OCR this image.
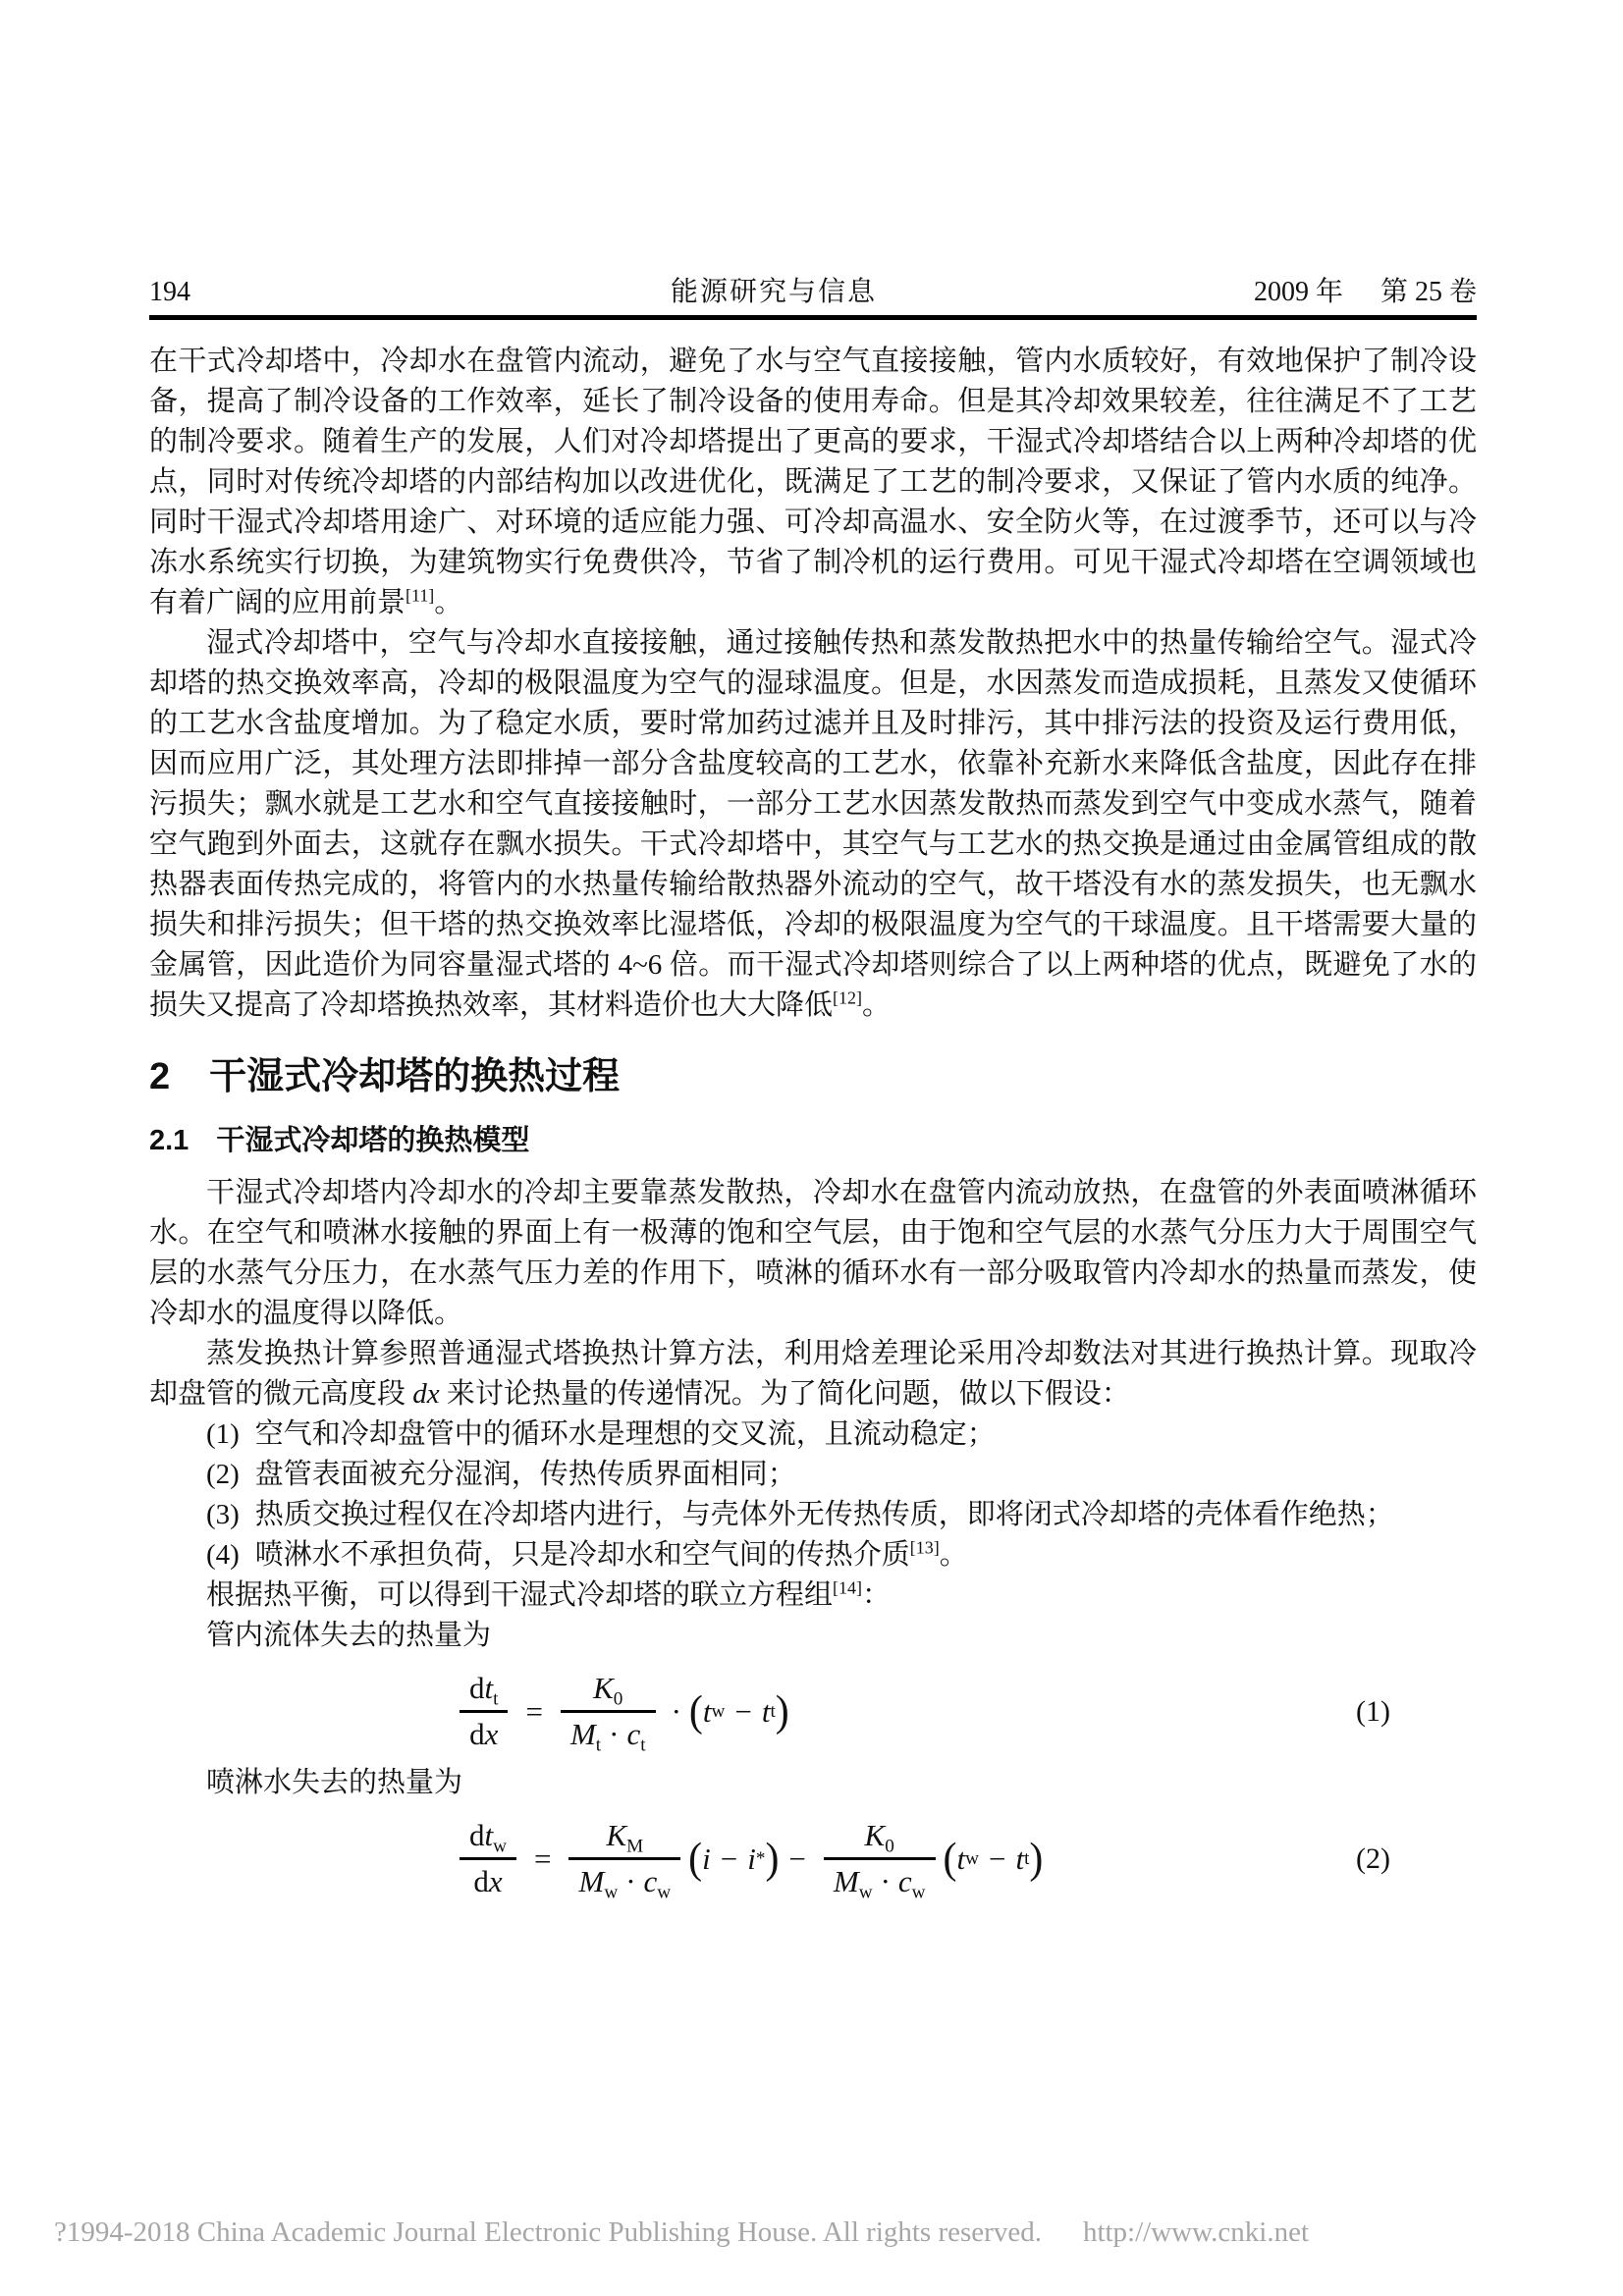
194	能源研究与信息	2009 年 第 25 卷

在干式冷却塔中，冷却水在盘管内流动，避免了水与空气直接接触，管内水质较好，有效地保护了制冷设备，提高了制冷设备的工作效率，延长了制冷设备的使用寿命。但是其冷却效果较差，往往满足不了工艺的制冷要求。随着生产的发展，人们对冷却塔提出了更高的要求，干湿式冷却塔结合以上两种冷却塔的优点，同时对传统冷却塔的内部结构加以改进优化，既满足了工艺的制冷要求，又保证了管内水质的纯净。同时干湿式冷却塔用途广、对环境的适应能力强、可冷却高温水、安全防火等，在过渡季节，还可以与冷冻水系统实行切换，为建筑物实行免费供冷，节省了制冷机的运行费用。可见干湿式冷却塔在空调领域也有着广阔的应用前景[11]。

湿式冷却塔中，空气与冷却水直接接触，通过接触传热和蒸发散热把水中的热量传输给空气。湿式冷却塔的热交换效率高，冷却的极限温度为空气的湿球温度。但是，水因蒸发而造成损耗，且蒸发又使循环的工艺水含盐度增加。为了稳定水质，要时常加药过滤并且及时排污，其中排污法的投资及运行费用低，因而应用广泛，其处理方法即排掉一部分含盐度较高的工艺水，依靠补充新水来降低含盐度，因此存在排污损失；飘水就是工艺水和空气直接接触时，一部分工艺水因蒸发散热而蒸发到空气中变成水蒸气，随着空气跑到外面去，这就存在飘水损失。干式冷却塔中，其空气与工艺水的热交换是通过由金属管组成的散热器表面传热完成的，将管内的水热量传输给散热器外流动的空气，故干塔没有水的蒸发损失，也无飘水损失和排污损失；但干塔的热交换效率比湿塔低，冷却的极限温度为空气的干球温度。且干塔需要大量的金属管，因此造价为同容量湿式塔的 4~6 倍。而干湿式冷却塔则综合了以上两种塔的优点，既避免了水的损失又提高了冷却塔换热效率，其材料造价也大大降低[12]。

2 干湿式冷却塔的换热过程
2.1 干湿式冷却塔的换热模型

干湿式冷却塔内冷却水的冷却主要靠蒸发散热，冷却水在盘管内流动放热，在盘管的外表面喷淋循环水。在空气和喷淋水接触的界面上有一极薄的饱和空气层，由于饱和空气层的水蒸气分压力大于周围空气层的水蒸气分压力，在水蒸气压力差的作用下，喷淋的循环水有一部分吸取管内冷却水的热量而蒸发，使冷却水的温度得以降低。

蒸发换热计算参照普通湿式塔换热计算方法，利用焓差理论采用冷却数法对其进行换热计算。现取冷却盘管的微元高度段 dx 来讨论热量的传递情况。为了简化问题，做以下假设：

(1) 空气和冷却盘管中的循环水是理想的交叉流，且流动稳定；

(2) 盘管表面被充分湿润，传热传质界面相同；

(3) 热质交换过程仅在冷却塔内进行，与壳体外无传热传质，即将闭式冷却塔的壳体看作绝热；

(4) 喷淋水不承担负荷，只是冷却水和空气间的传热介质[13]。

根据热平衡，可以得到干湿式冷却塔的联立方程组[14]：

管内流体失去的热量为

$\frac{dt_t}{dx} = \frac{K_0}{M_t \cdot c_t}$ · ( t w − t t )	(1)

喷淋水失去的热量为

$\frac{dt_w}{dx} = \frac{K_M}{M_w \cdot c_w}$ ( i − i * ) − $\frac{K_0}{M_w \cdot c_w}$ ( t w − t t )	(2)
?1994-2018 China Academic Journal Electronic Publishing House. All rights reserved. http://www.cnki.net
